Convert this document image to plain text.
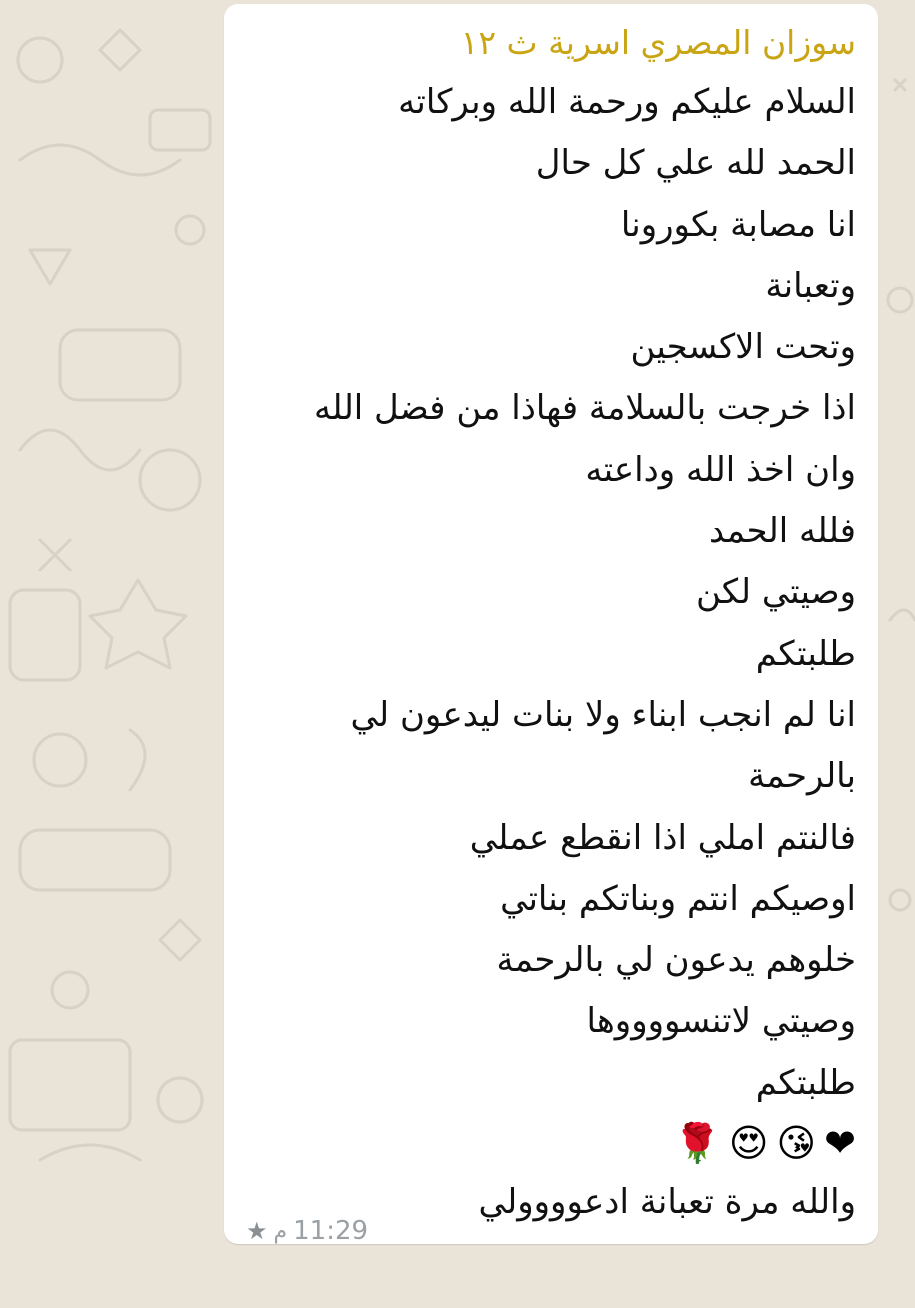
سوزان المصري اسرية ث ١٢
السلام عليكم ورحمة الله وبركاته
الحمد لله علي كل حال
انا مصابة بكورونا
وتعبانة
وتحت الاكسجين
اذا خرجت بالسلامة فهاذا من فضل الله
وان اخذ الله وداعته
فلله الحمد
وصيتي لكن
طلبتكم
انا لم انجب ابناء ولا بنات ليدعون لي
بالرحمة
فالنتم املي اذا انقطع عملي
اوصيكم انتم وبناتكم بناتي
خلوهم يدعون لي بالرحمة
وصيتي لاتنسووووها
طلبتكم
❤
😘
😍
🌹
والله مرة تعبانة ادعوووولي
★ م 11:29
